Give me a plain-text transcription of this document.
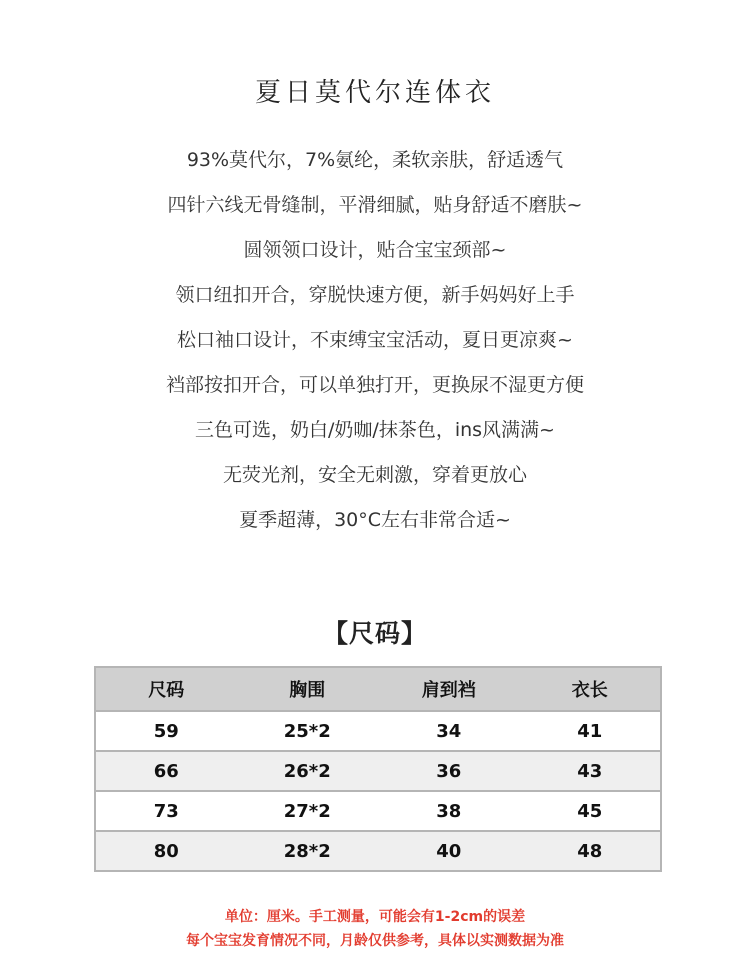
夏日莫代尔连体衣
93%莫代尔，7%氨纶，柔软亲肤，舒适透气
四针六线无骨缝制，平滑细腻，贴身舒适不磨肤~
圆领领口设计，贴合宝宝颈部~
领口纽扣开合，穿脱快速方便，新手妈妈好上手
松口袖口设计，不束缚宝宝活动，夏日更凉爽~
裆部按扣开合，可以单独打开，更换尿不湿更方便
三色可选，奶白/奶咖/抹茶色，ins风满满~
无荧光剂，安全无刺激，穿着更放心
夏季超薄，30°C左右非常合适~
【尺码】
尺码	胸围	肩到裆	衣长
59	25*2	34	41
66	26*2	36	43
73	27*2	38	45
80	28*2	40	48
单位：厘米。手工测量，可能会有1-2cm的误差
每个宝宝发育情况不同，月龄仅供参考，具体以实测数据为准
